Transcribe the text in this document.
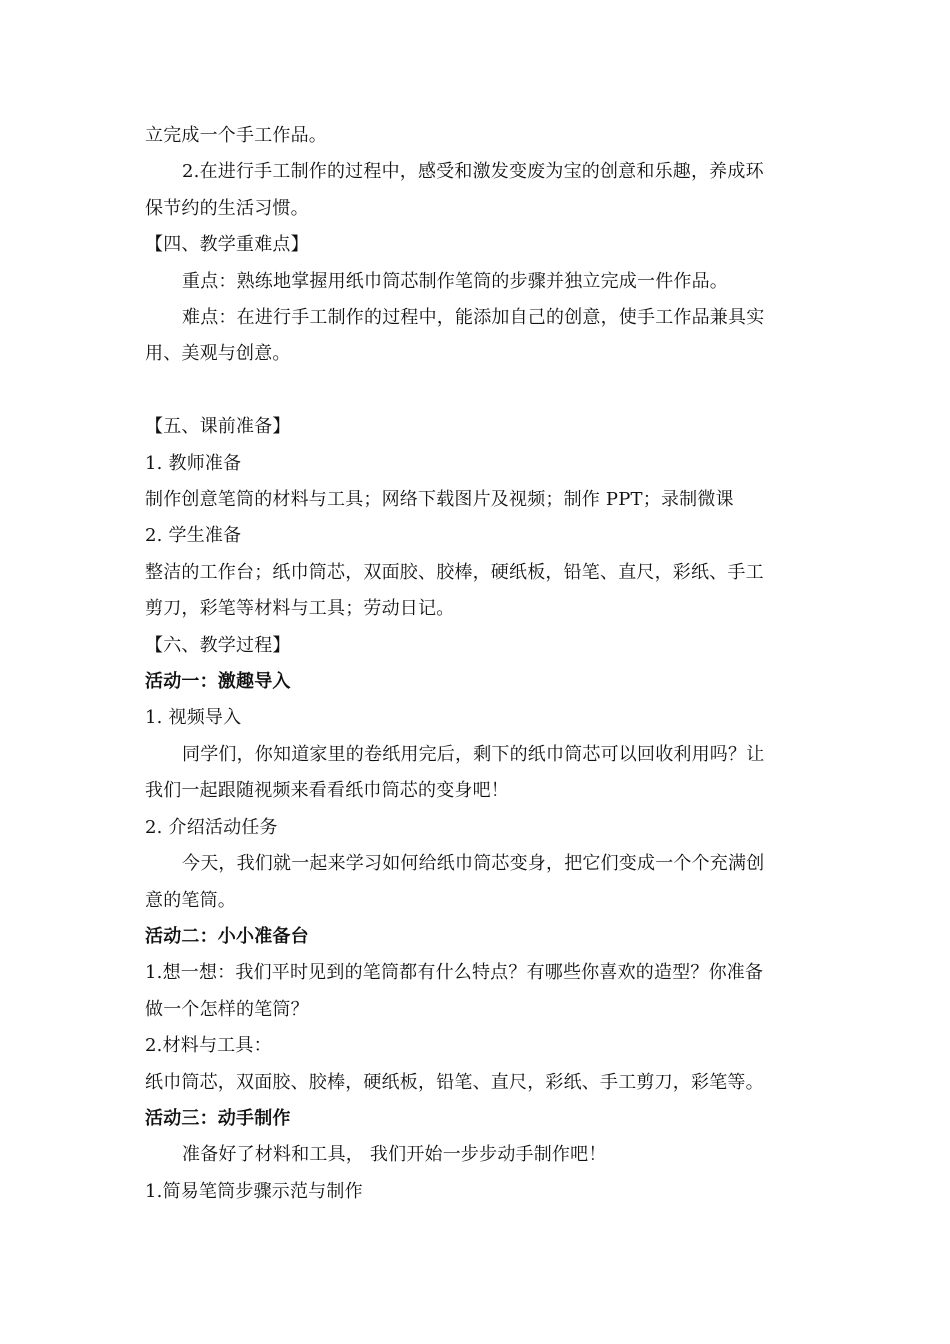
立完成一个手工作品。
2.在进行手工制作的过程中，感受和激发变废为宝的创意和乐趣，养成环
保节约的生活习惯。
【四、教学重难点】
重点：熟练地掌握用纸巾筒芯制作笔筒的步骤并独立完成一件作品。
难点：在进行手工制作的过程中，能添加自己的创意，使手工作品兼具实
用、美观与创意。
【五、课前准备】
1. 教师准备
制作创意笔筒的材料与工具；网络下载图片及视频；制作 PPT；录制微课
2. 学生准备
整洁的工作台；纸巾筒芯，双面胶、胶棒，硬纸板，铅笔、直尺，彩纸、手工
剪刀，彩笔等材料与工具；劳动日记。
【六、教学过程】
活动一：激趣导入
1. 视频导入
同学们，你知道家里的卷纸用完后，剩下的纸巾筒芯可以回收利用吗？让
我们一起跟随视频来看看纸巾筒芯的变身吧！
2. 介绍活动任务
今天，我们就一起来学习如何给纸巾筒芯变身，把它们变成一个个充满创
意的笔筒。
活动二：小小准备台
1.想一想：我们平时见到的笔筒都有什么特点？有哪些你喜欢的造型？你准备
做一个怎样的笔筒？
2.材料与工具：
纸巾筒芯，双面胶、胶棒，硬纸板，铅笔、直尺，彩纸、手工剪刀，彩笔等。
活动三：动手制作
准备好了材料和工具， 我们开始一步步动手制作吧！
1.简易笔筒步骤示范与制作
